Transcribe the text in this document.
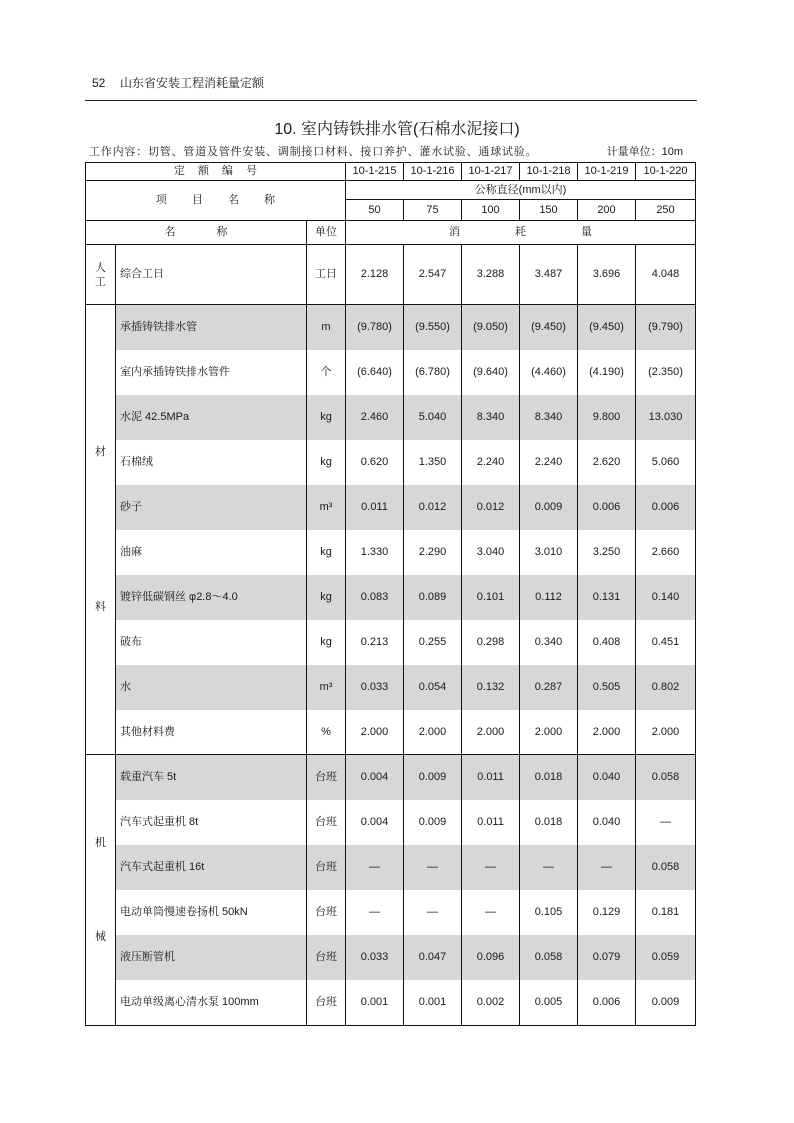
52 山东省安装工程消耗量定额
10. 室内铸铁排水管(石棉水泥接口)
工作内容：切管、管道及管件安装、调制接口材料、接口养护、灌水试验、通球试验。	计量单位：10m
定 额 编 号	10-1-215	10-1-216	10-1-217	10-1-218	10-1-219	10-1-220
项 目 名 称
公称直径(mm以内)
50	75	100	150	200	250
名 称	单位	消 耗 量
人
工
综合工日	工日	2.128	2.547	3.288	3.487	3.696	4.048
材
料
承插铸铁排水管	m	(9.780)	(9.550)	(9.050)	(9.450)	(9.450)	(9.790)
室内承插铸铁排水管件	个	(6.640)	(6.780)	(9.640)	(4.460)	(4.190)	(2.350)
水泥 42.5MPa	kg	2.460	5.040	8.340	8.340	9.800	13.030
石棉绒	kg	0.620	1.350	2.240	2.240	2.620	5.060
砂子	m³	0.011	0.012	0.012	0.009	0.006	0.006
油麻	kg	1.330	2.290	3.040	3.010	3.250	2.660
镀锌低碳钢丝 φ2.8～4.0	kg	0.083	0.089	0.101	0.112	0.131	0.140
破布	kg	0.213	0.255	0.298	0.340	0.408	0.451
水	m³	0.033	0.054	0.132	0.287	0.505	0.802
其他材料费	%	2.000	2.000	2.000	2.000	2.000	2.000
机
械
载重汽车 5t	台班	0.004	0.009	0.011	0.018	0.040	0.058
汽车式起重机 8t	台班	0.004	0.009	0.011	0.018	0.040	—
汽车式起重机 16t	台班	—	—	—	—	—	0.058
电动单筒慢速卷扬机 50kN	台班	—	—	—	0.105	0.129	0.181
液压断管机	台班	0.033	0.047	0.096	0.058	0.079	0.059
电动单级离心清水泵 100mm	台班	0.001	0.001	0.002	0.005	0.006	0.009
